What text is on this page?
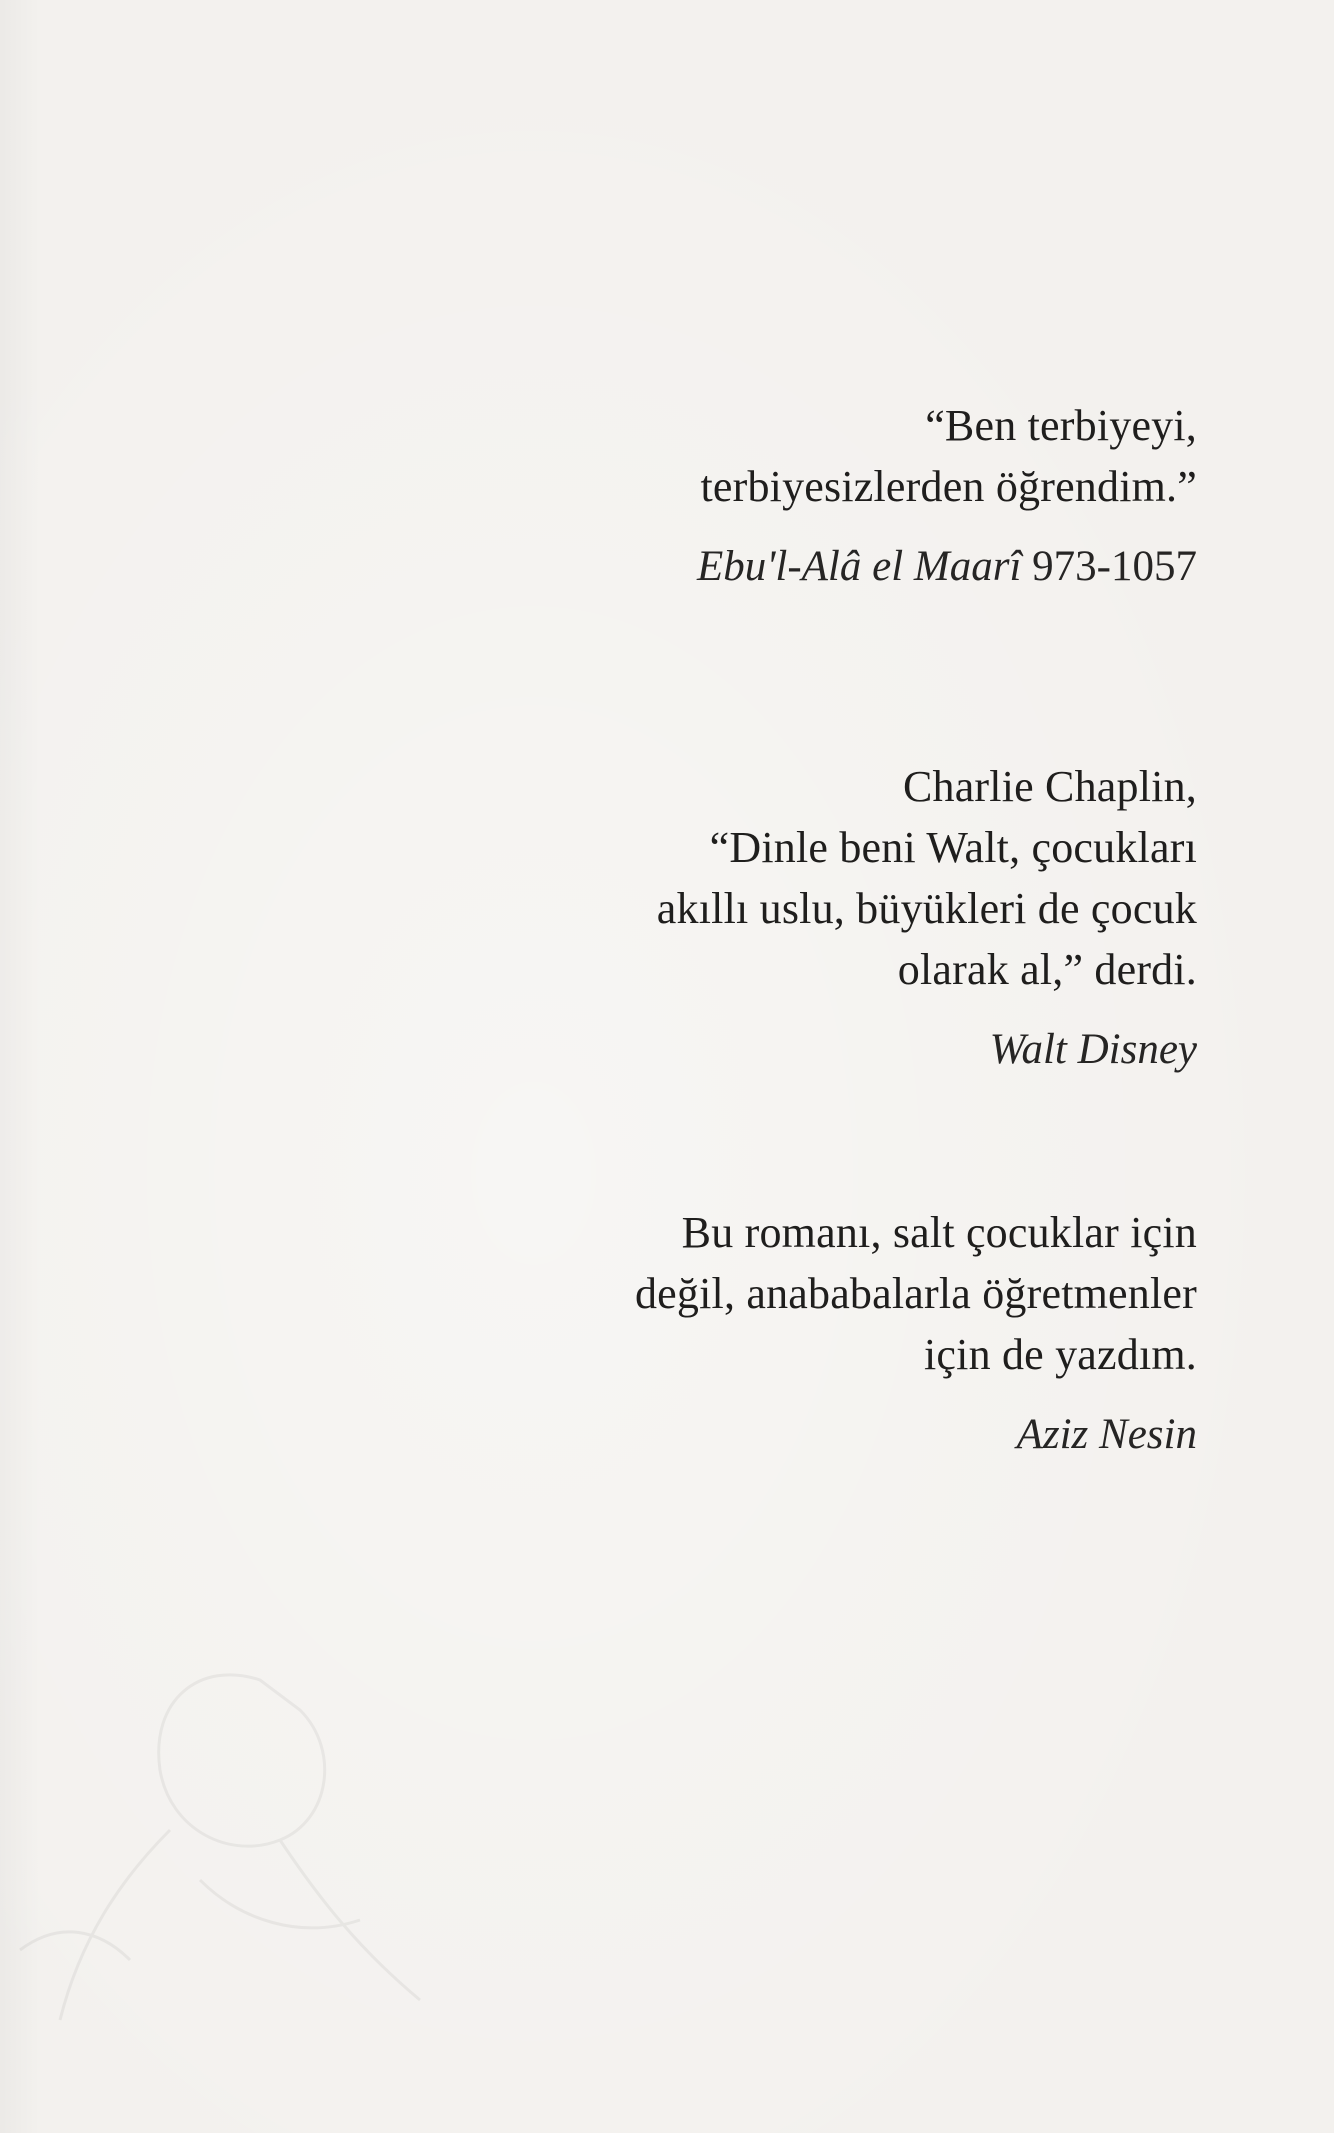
“Ben terbiyeyi,
terbiyesizlerden öğrendim.”
Ebu'l-Alâ el Maarî 973-1057
Charlie Chaplin,
“Dinle beni Walt, çocukları
akıllı uslu, büyükleri de çocuk
olarak al,” derdi.
Walt Disney
Bu romanı, salt çocuklar için
değil, anababalarla öğretmenler
için de yazdım.
Aziz Nesin
